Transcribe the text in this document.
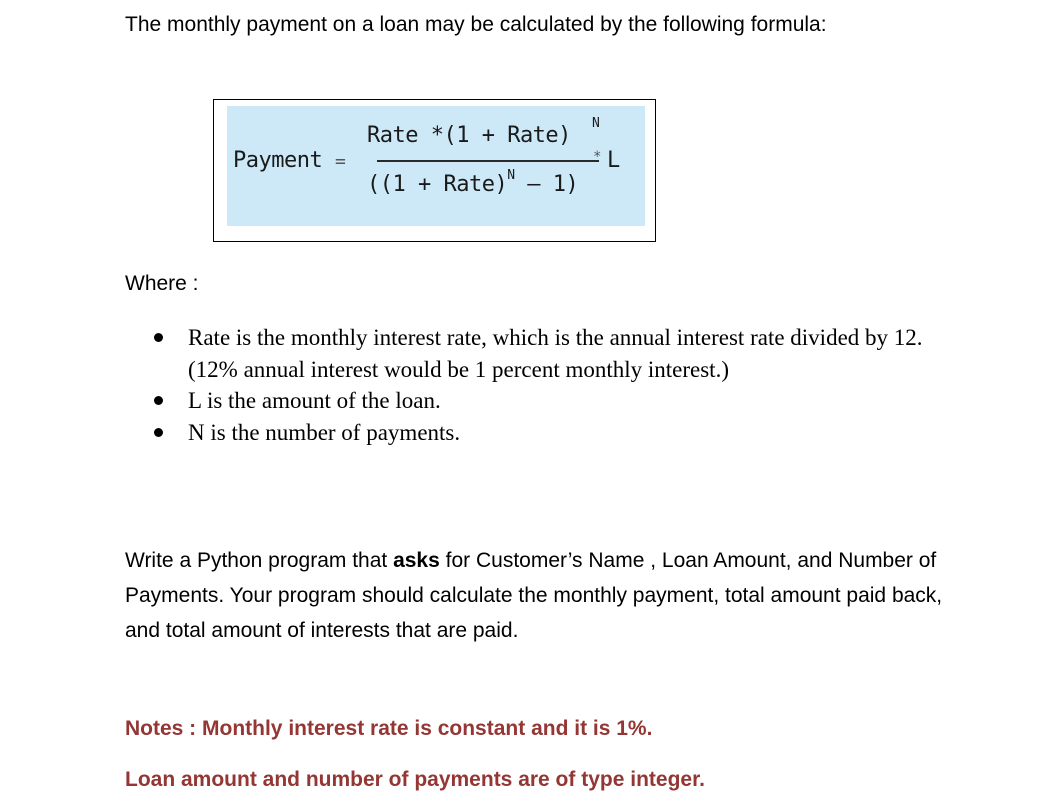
The monthly payment on a loan may be calculated by the following formula:
Payment =
Rate *(1 + Rate) N
((1 + Rate)$^N$ – 1)
* L
Where :
Rate is the monthly interest rate, which is the annual interest rate divided by 12. (12% annual interest would be 1 percent monthly interest.)
L is the amount of the loan.
N is the number of payments.
Write a Python program that asks for Customer’s Name , Loan Amount, and Number of Payments. Your program should calculate the monthly payment, total amount paid back, and total amount of interests that are paid.
Notes : Monthly interest rate is constant and it is 1%.
Loan amount and number of payments are of type integer.
